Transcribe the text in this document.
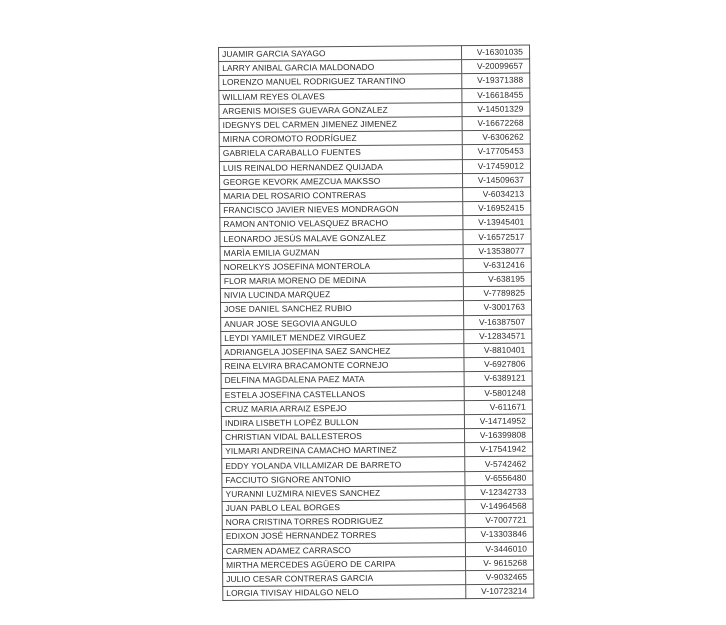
JUAMIR GARCIA SAYAGO	V-16301035
LARRY ANIBAL GARCIA MALDONADO	V-20099657
LORENZO MANUEL RODRIGUEZ TARANTINO	V-19371388
WILLIAM REYES OLAVES	V-16618455
ARGENIS MOISES GUEVARA GONZALEZ	V-14501329
IDEGNYS DEL CARMEN JIMENEZ JIMENEZ	V-16672268
MIRNA COROMOTO RODRÍGUEZ	V-6306262
GABRIELA CARABALLO FUENTES	V-17705453
LUIS REINALDO HERNANDEZ QUIJADA	V-17459012
GEORGE KEVORK AMEZCUA MAKSSO	V-14509637
MARIA DEL ROSARIO CONTRERAS	V-6034213
FRANCISCO JAVIER NIEVES MONDRAGON	V-16952415
RAMON ANTONIO VELASQUEZ BRACHO	V-13945401
LEONARDO JESÚS MALAVE GONZALEZ	V-16572517
MARÌA EMILIA GUZMAN	V-13538077
NORELKYS JOSEFINA MONTEROLA	V-6312416
FLOR MARIA MORENO DE MEDINA	V-638195
NIVIA LUCINDA MARQUEZ	V-7789825
JOSE DANIEL SANCHEZ RUBIO	V-3001763
ANUAR JOSE SEGOVIA ANGULO	V-16387507
LEYDI YAMILET MENDEZ VIRGUEZ	V-12834571
ADRIANGELA JOSEFINA SAEZ SANCHEZ	V-8810401
REINA ELVIRA BRACAMONTE CORNEJO	V-6927806
DELFINA MAGDALENA PAEZ MATA	V-6389121
ESTELA JOSEFINA CASTELLANOS	V-5801248
CRUZ MARIA ARRAIZ ESPEJO	V-611671
INDIRA LISBETH LOPÉZ BULLON	V-14714952
CHRISTIAN VIDAL BALLESTEROS	V-16399808
YILMARI ANDREINA CAMACHO MARTINEZ	V-17541942
EDDY YOLANDA VILLAMIZAR DE BARRETO	V-5742462
FACCIUTO SIGNORE ANTONIO	V-6556480
YURANNI LUZMIRA NIEVES SANCHEZ	V-12342733
JUAN PABLO LEAL BORGES	V-14964568
NORA CRISTINA TORRES RODRIGUEZ	V-7007721
EDIXON JOSÉ HERNANDEZ TORRES	V-13303846
CARMEN ADAMEZ CARRASCO	V-3446010
MIRTHA MERCEDES AGÜERO DE CARIPA	V- 9615268
JULIO CESAR CONTRERAS GARCIA	V-9032465
LORGIA TIVISAY HIDALGO NELO	V-10723214
